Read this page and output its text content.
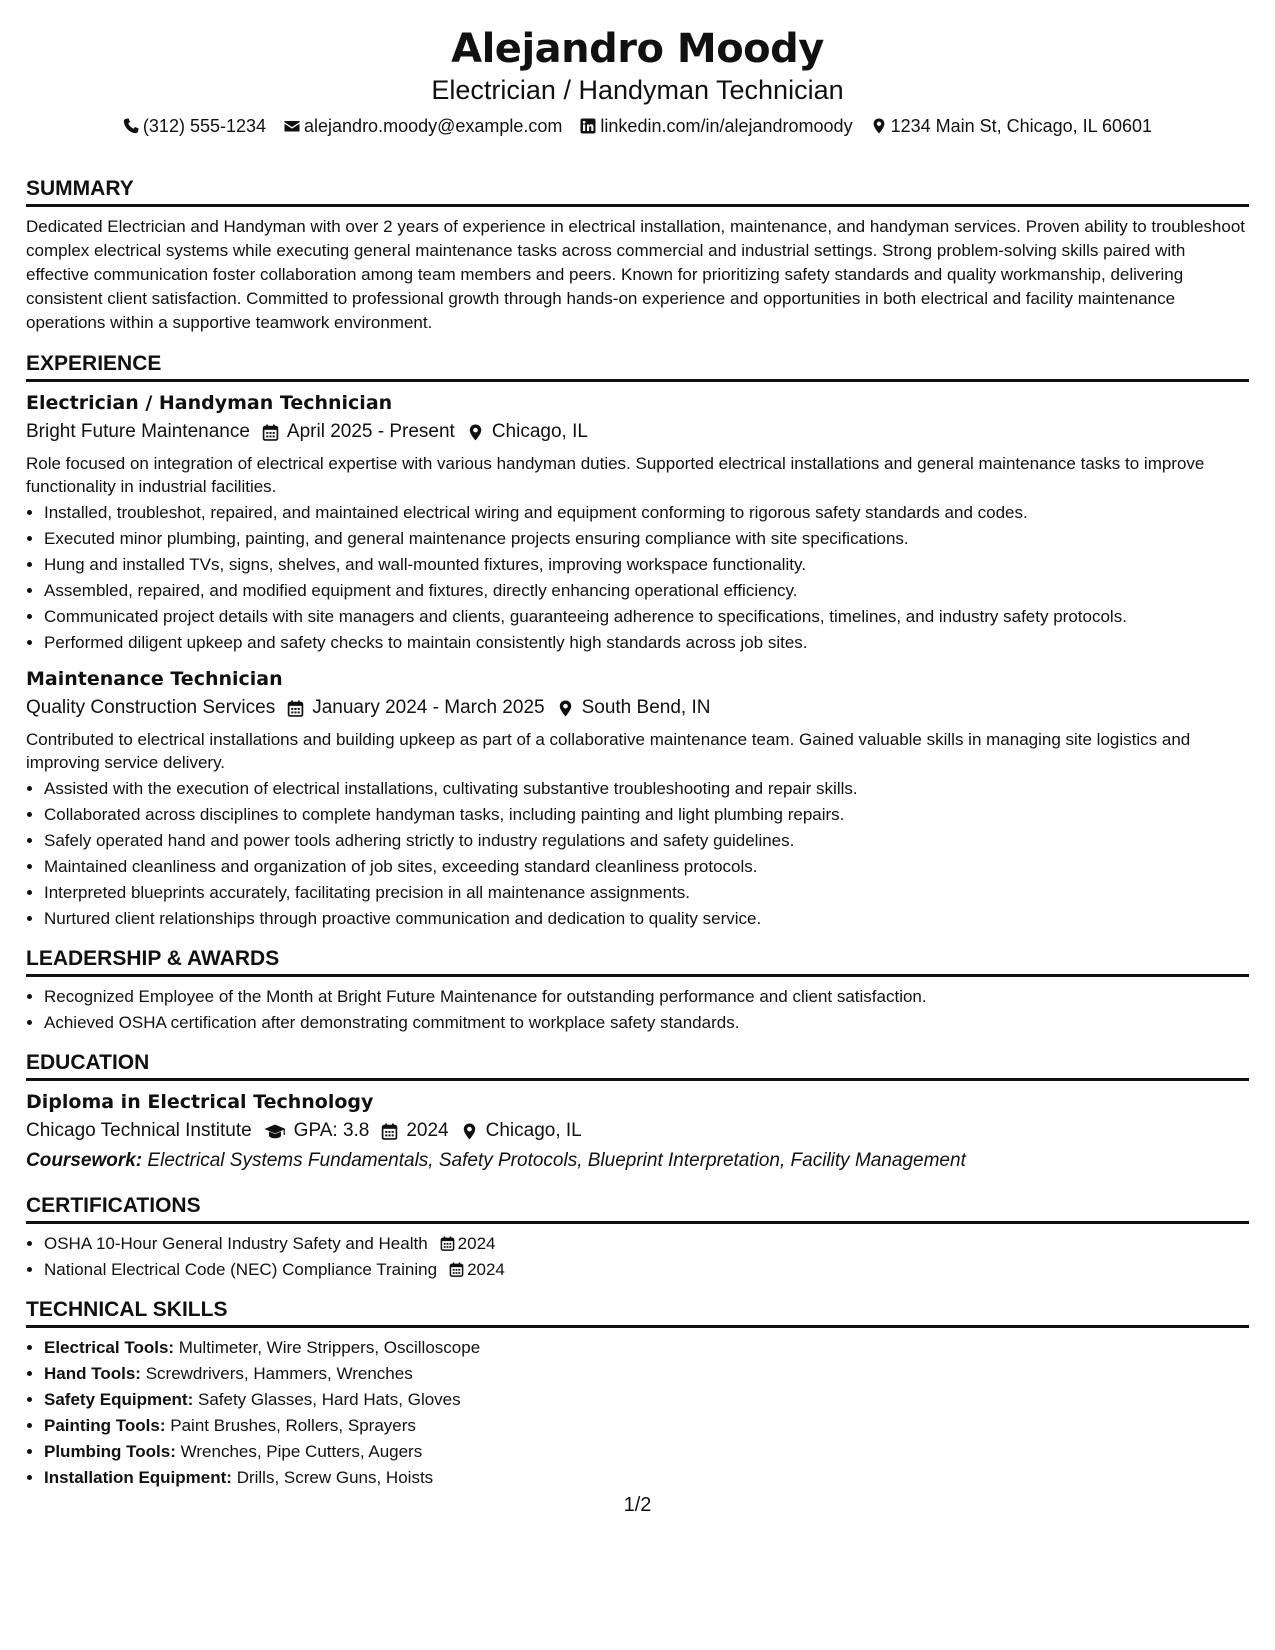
Alejandro Moody
Electrician / Handyman Technician
(312) 555-1234 alejandro.moody@example.com linkedin.com/in/alejandromoody 1234 Main St, Chicago, IL 60601
SUMMARY
Dedicated Electrician and Handyman with over 2 years of experience in electrical installation, maintenance, and handyman services. Proven ability to troubleshoot complex electrical systems while executing general maintenance tasks across commercial and industrial settings. Strong problem-solving skills paired with effective communication foster collaboration among team members and peers. Known for prioritizing safety standards and quality workmanship, delivering consistent client satisfaction. Committed to professional growth through hands-on experience and opportunities in both electrical and facility maintenance operations within a supportive teamwork environment.
EXPERIENCE
Electrician / Handyman Technician
Bright Future Maintenance April 2025 - Present Chicago, IL
Role focused on integration of electrical expertise with various handyman duties. Supported electrical installations and general maintenance tasks to improve functionality in industrial facilities.
• Installed, troubleshot, repaired, and maintained electrical wiring and equipment conforming to rigorous safety standards and codes.
• Executed minor plumbing, painting, and general maintenance projects ensuring compliance with site specifications.
• Hung and installed TVs, signs, shelves, and wall-mounted fixtures, improving workspace functionality.
• Assembled, repaired, and modified equipment and fixtures, directly enhancing operational efficiency.
• Communicated project details with site managers and clients, guaranteeing adherence to specifications, timelines, and industry safety protocols.
• Performed diligent upkeep and safety checks to maintain consistently high standards across job sites.
Maintenance Technician
Quality Construction Services January 2024 - March 2025 South Bend, IN
Contributed to electrical installations and building upkeep as part of a collaborative maintenance team. Gained valuable skills in managing site logistics and improving service delivery.
• Assisted with the execution of electrical installations, cultivating substantive troubleshooting and repair skills.
• Collaborated across disciplines to complete handyman tasks, including painting and light plumbing repairs.
• Safely operated hand and power tools adhering strictly to industry regulations and safety guidelines.
• Maintained cleanliness and organization of job sites, exceeding standard cleanliness protocols.
• Interpreted blueprints accurately, facilitating precision in all maintenance assignments.
• Nurtured client relationships through proactive communication and dedication to quality service.
LEADERSHIP & AWARDS
• Recognized Employee of the Month at Bright Future Maintenance for outstanding performance and client satisfaction.
• Achieved OSHA certification after demonstrating commitment to workplace safety standards.
EDUCATION
Diploma in Electrical Technology
Chicago Technical Institute GPA: 3.8 2024 Chicago, IL
Coursework: Electrical Systems Fundamentals, Safety Protocols, Blueprint Interpretation, Facility Management
CERTIFICATIONS
• OSHA 10-Hour General Industry Safety and Health 2024
• National Electrical Code (NEC) Compliance Training 2024
TECHNICAL SKILLS
• Electrical Tools: Multimeter, Wire Strippers, Oscilloscope
• Hand Tools: Screwdrivers, Hammers, Wrenches
• Safety Equipment: Safety Glasses, Hard Hats, Gloves
• Painting Tools: Paint Brushes, Rollers, Sprayers
• Plumbing Tools: Wrenches, Pipe Cutters, Augers
• Installation Equipment: Drills, Screw Guns, Hoists
1/2
